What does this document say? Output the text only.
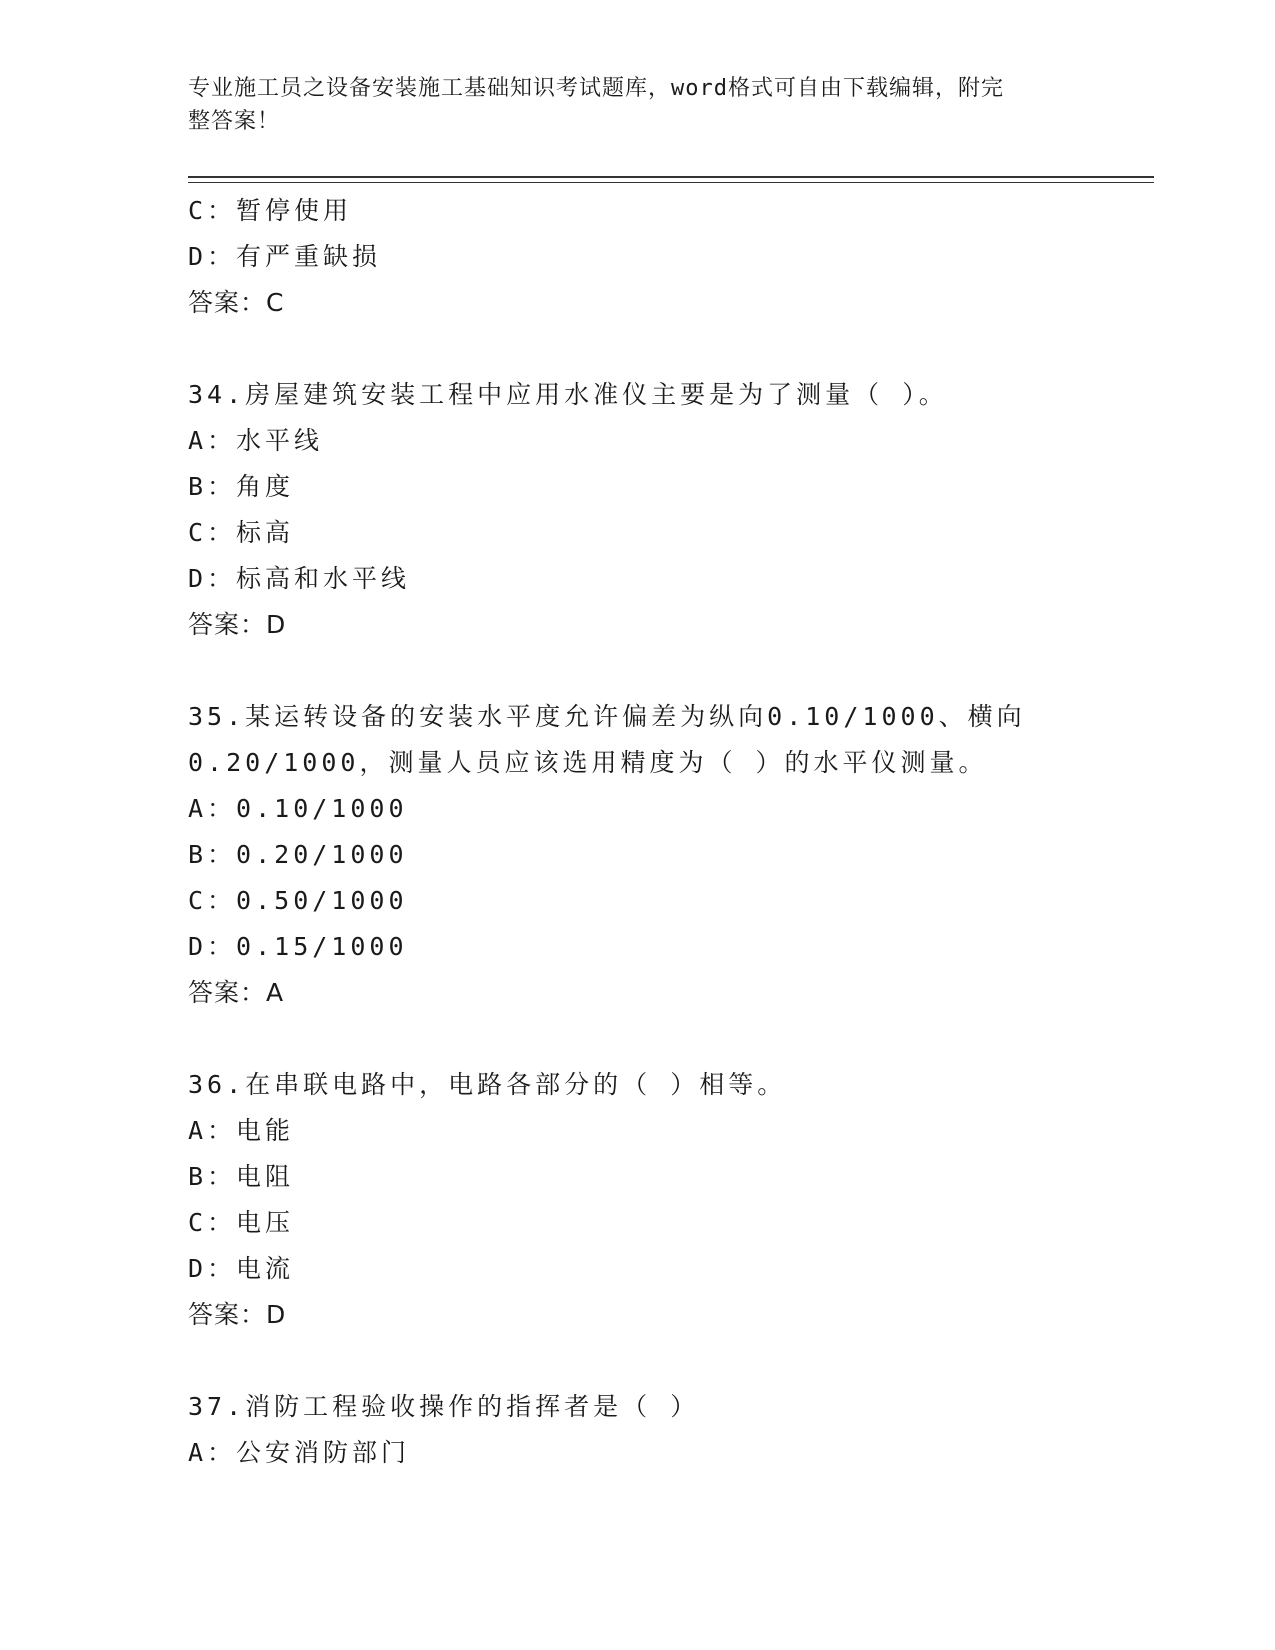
专业施工员之设备安装施工基础知识考试题库，word格式可自由下载编辑，附完
整答案！
C：暂停使用
D：有严重缺损
答案：C
34.房屋建筑安装工程中应用水准仪主要是为了测量（ ）。
A：水平线
B：角度
C：标高
D：标高和水平线
答案：D
35.某运转设备的安装水平度允许偏差为纵向0.10/1000、横向
0.20/1000，测量人员应该选用精度为（ ）的水平仪测量。
A：0.10/1000
B：0.20/1000
C：0.50/1000
D：0.15/1000
答案：A
36.在串联电路中，电路各部分的（ ）相等。
A：电能
B：电阻
C：电压
D：电流
答案：D
37.消防工程验收操作的指挥者是（ ）
A：公安消防部门
